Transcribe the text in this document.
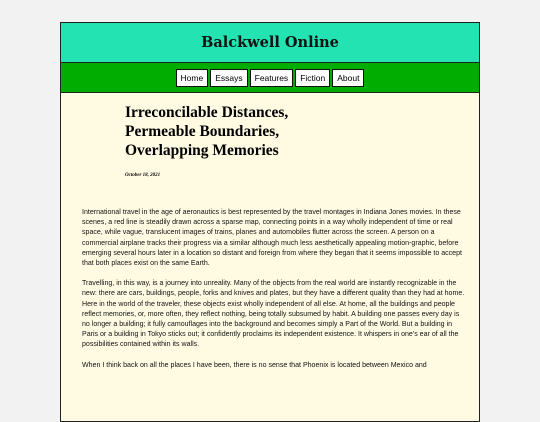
Balckwell Online
Home	Essays	Features	Fiction	About
Irreconcilable Distances,
Permeable Boundaries,
Overlapping Memories
October 18, 2021

International travel in the age of aeronautics is best represented by the travel montages in Indiana Jones movies. In these scenes, a red line is steadily drawn across a sparse map, connecting points in a way wholly independent of time or real space, while vague, translucent images of trains, planes and automobiles flutter across the screen. A person on a commercial airplane tracks their progress via a similar although much less aesthetically appealing motion-graphic, before emerging several hours later in a location so distant and foreign from where they began that it seems impossible to accept that both places exist on the same Earth.

Travelling, in this way, is a journey into unreality. Many of the objects from the real world are instantly recognizable in the new: there are cars, buildings, people, forks and knives and plates, but they have a different quality than they had at home. Here in the world of the traveler, these objects exist wholly independent of all else. At home, all the buildings and people reflect memories, or, more often, they reflect nothing, being totally subsumed by habit. A building one passes every day is no longer a building; it fully camouflages into the background and becomes simply a Part of the World. But a building in Paris or a building in Tokyo sticks out; it confidently proclaims its independent existence. It whispers in one's ear of all the possibilities contained within its walls.

When I think back on all the places I have been, there is no sense that Phoenix is located between Mexico and
